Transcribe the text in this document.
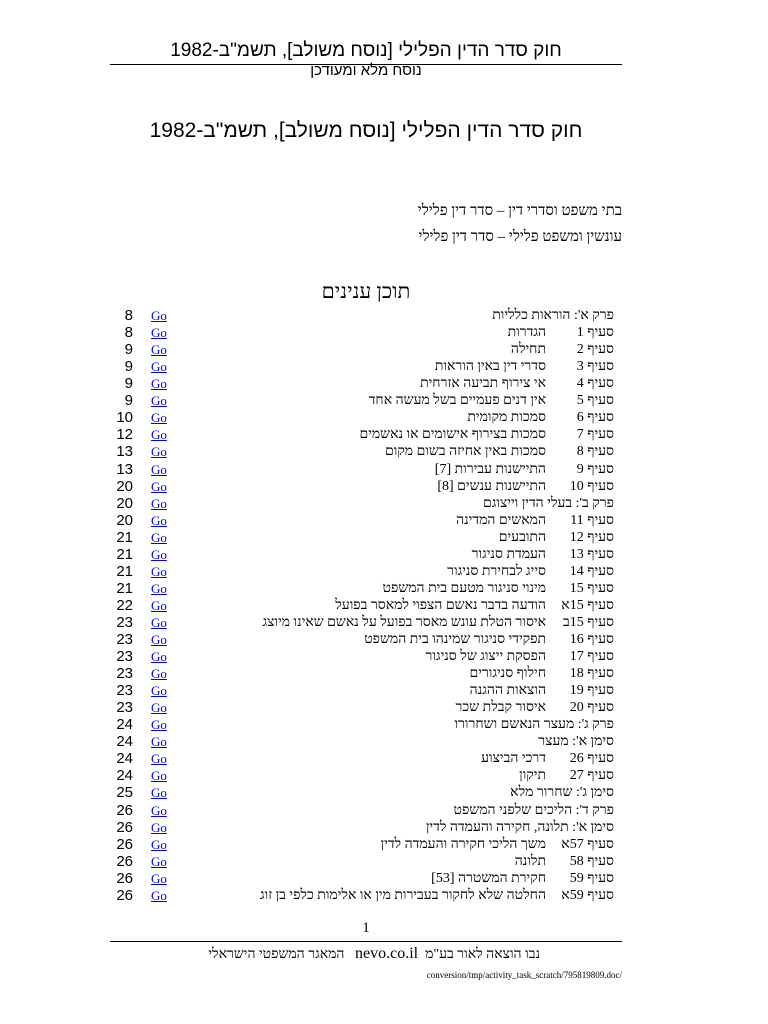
חוק סדר הדין הפלילי [נוסח משולב], תשמ"ב-1982
נוסח מלא ומעודכן
חוק סדר הדין הפלילי [נוסח משולב], תשמ"ב-1982
בתי משפט וסדרי דין – סדר דין פלילי
עונשין ומשפט פלילי – סדר דין פלילי
תוכן ענינים
8 Go	פרק א': הוראות כלליות
8 Go	הגדרות סעיף 1
9 Go	תחילה סעיף 2
9 Go	סדרי דין באין הוראות סעיף 3
9 Go	אי צירוף תביעה אזרחית סעיף 4
9 Go	אין דנים פעמיים בשל מעשה אחד סעיף 5
10 Go	סמכות מקומית סעיף 6
12 Go	סמכות בצירוף אישומים או נאשמים סעיף 7
13 Go	סמכות באין אחיזה בשום מקום סעיף 8
13 Go	התיישנות עבירות [7] סעיף 9
20 Go	התיישנות ענשים [8] סעיף 10
20 Go	פרק ב': בעלי הדין וייצוגם
20 Go	המאשים המדינה סעיף 11
21 Go	התובעים סעיף 12
21 Go	העמדת סניגור סעיף 13
21 Go	סייג לבחירת סניגור סעיף 14
21 Go	מינוי סניגור מטעם בית המשפט סעיף 15
22 Go	הודעה בדבר נאשם הצפוי למאסר בפועל סעיף 15א
23 Go	איסור הטלת עונש מאסר בפועל על נאשם שאינו מיוצג סעיף 15ב
23 Go	תפקידי סניגור שמינהו בית המשפט סעיף 16
23 Go	הפסקת ייצוג של סניגור סעיף 17
23 Go	חילוף סניגורים סעיף 18
23 Go	הוצאות ההגנה סעיף 19
23 Go	איסור קבלת שכר סעיף 20
24 Go	פרק ג': מעצר הנאשם ושחרורו
24 Go	סימן א': מעצר
24 Go	דרכי הביצוע סעיף 26
24 Go	תיקון סעיף 27
25 Go	סימן ג': שחרור מלא
26 Go	פרק ד': הליכים שלפני המשפט
26 Go	סימן א': תלונה, חקירה והעמדה לדין
26 Go	משך הליכי חקירה והעמדה לדין סעיף 57א
26 Go	תלונה סעיף 58
26 Go	חקירת המשטרה [53] סעיף 59
26 Go	החלטה שלא לחקור בעבירות מין או אלימות כלפי בן זוג סעיף 59א
1
נבו הוצאה לאור בע"מ  nevo.co.il   המאגר המשפטי הישראלי
conversion/tmp/activity_task_scratch/795819809.doc/
